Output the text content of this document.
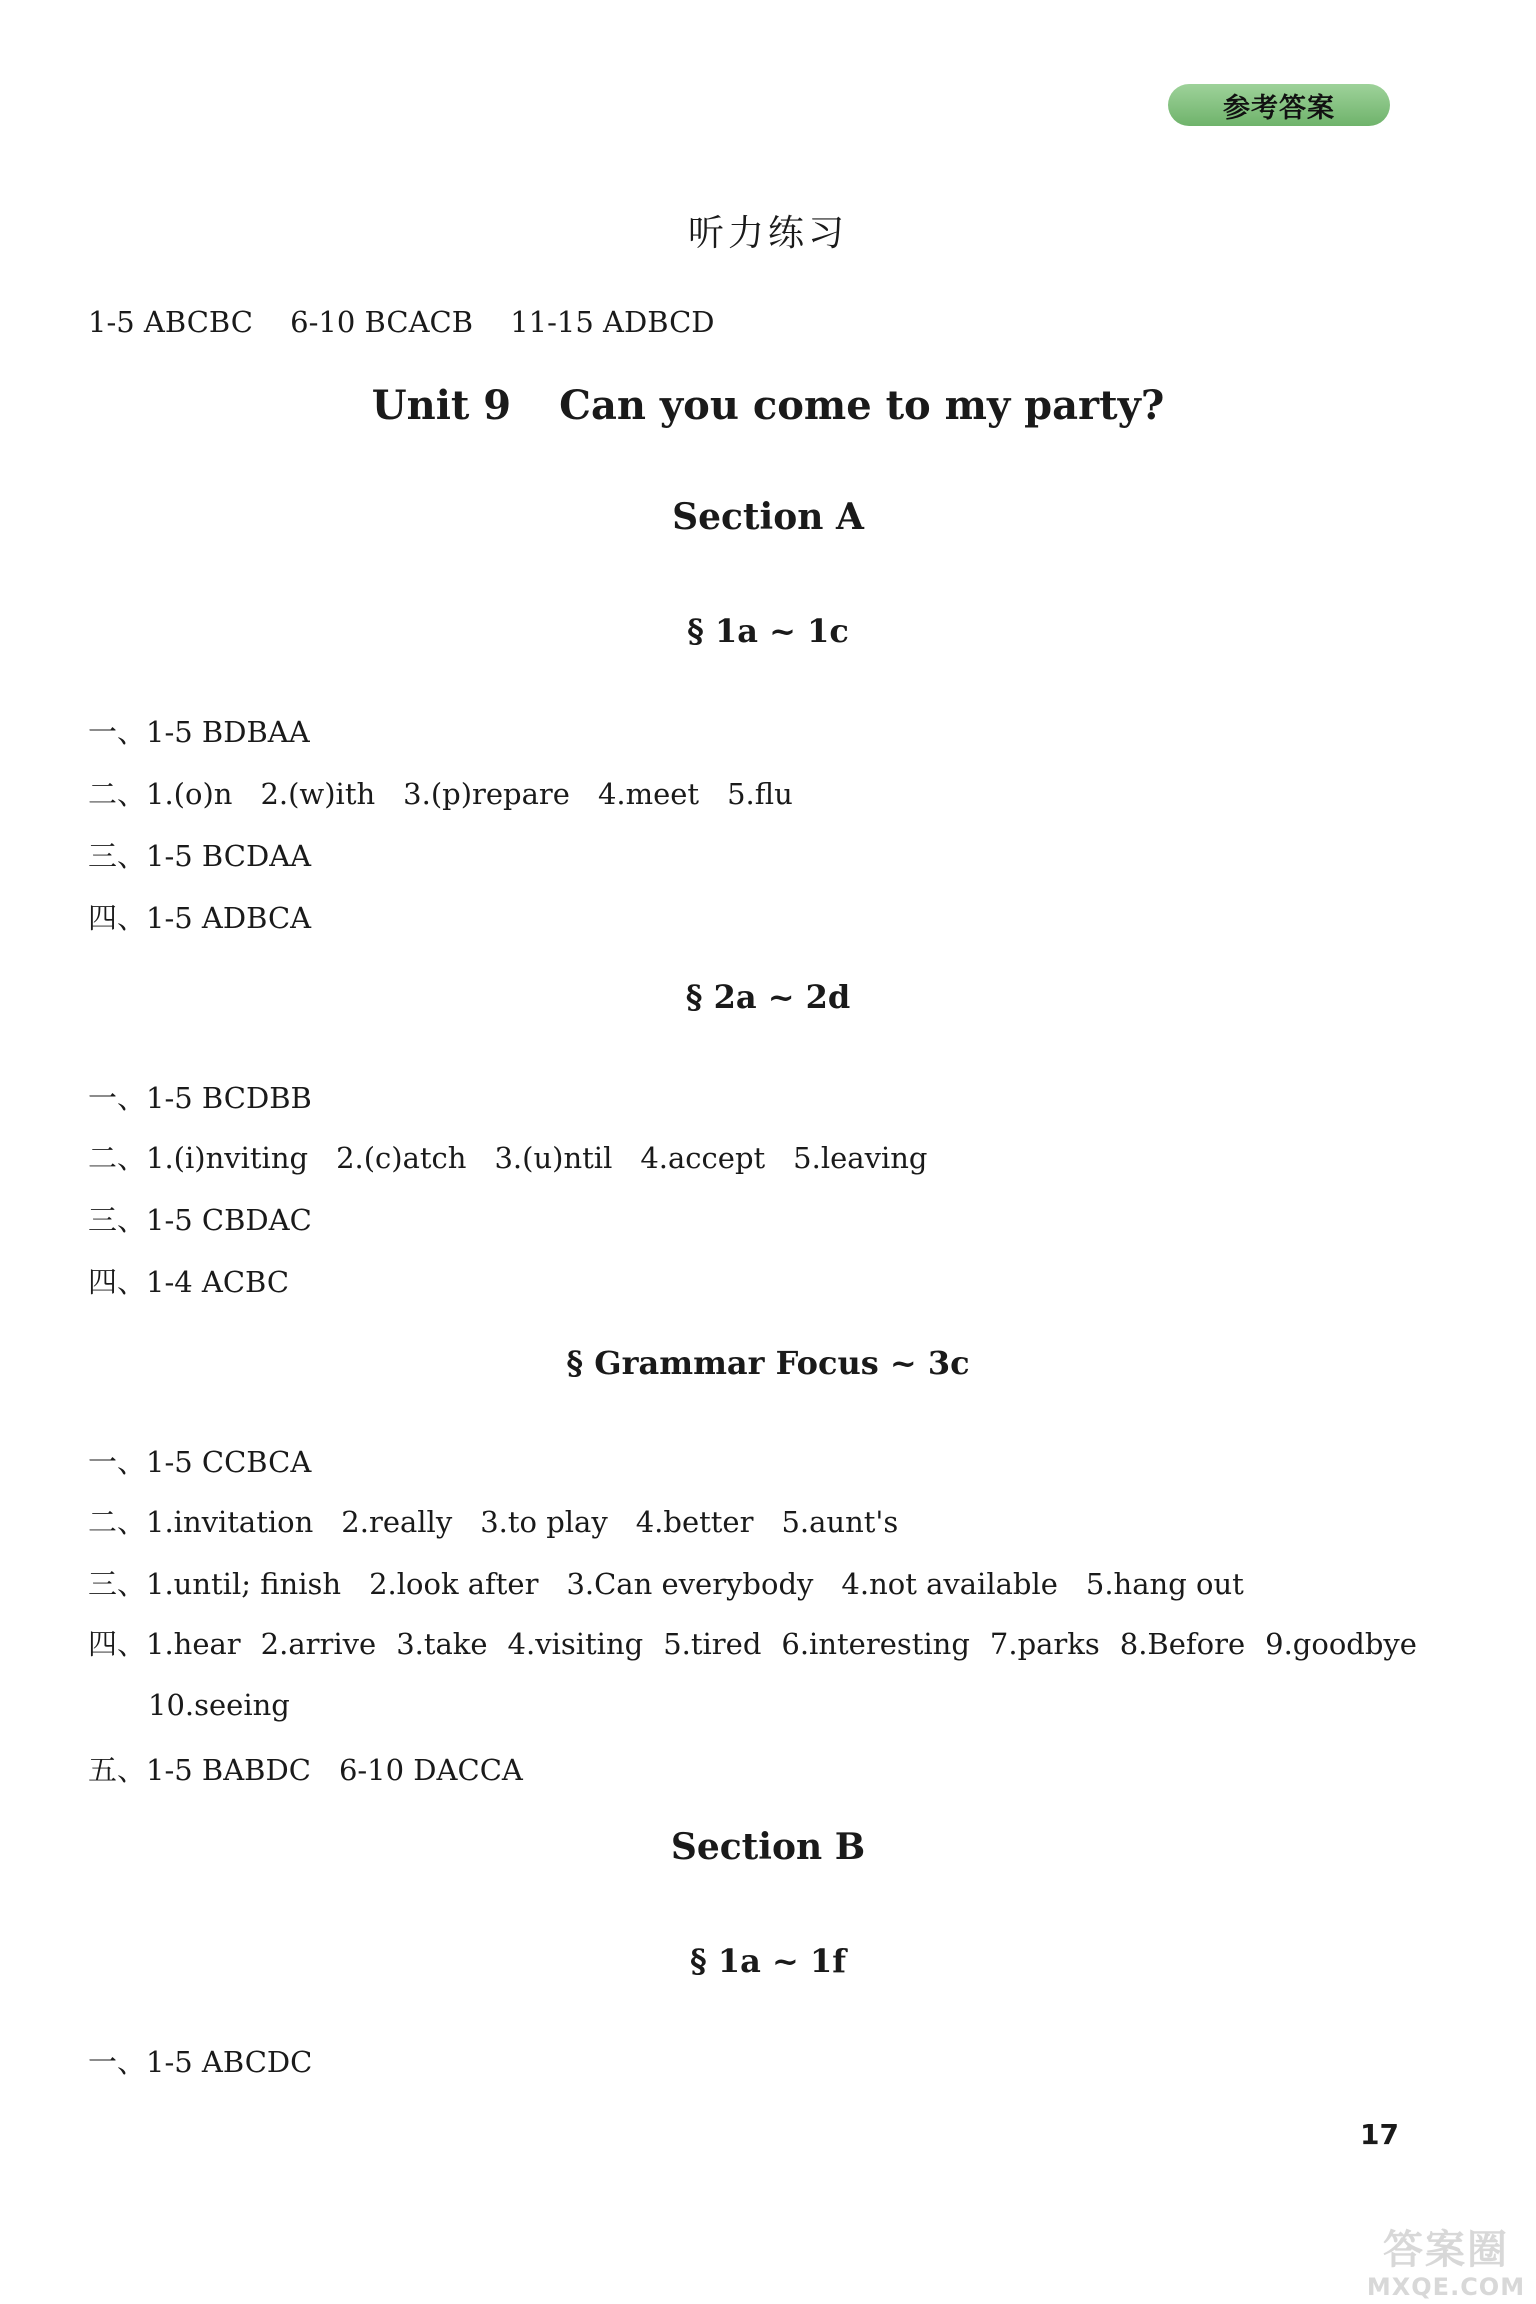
参考答案
听力练习
1-5 ABCBC 6-10 BCACB 11-15 ADBCD
Unit 9 Can you come to my party?
Section A
§ 1a ~ 1c
一、1-5 BDBAA
二、1.(o)n 2.(w)ith 3.(p)repare 4.meet 5.flu
三、1-5 BCDAA
四、1-5 ADBCA
§ 2a ~ 2d
一、1-5 BCDBB
二、1.(i)nviting 2.(c)atch 3.(u)ntil 4.accept 5.leaving
三、1-5 CBDAC
四、1-4 ACBC
§ Grammar Focus ~ 3c
一、1-5 CCBCA
二、1.invitation 2.really 3.to play 4.better 5.aunt's
三、1.until; finish 2.look after 3.Can everybody 4.not available 5.hang out
四、1.hear 2.arrive 3.take 4.visiting 5.tired 6.interesting 7.parks 8.Before 9.goodbye
10.seeing
五、1-5 BABDC 6-10 DACCA
Section B
§ 1a ~ 1f
一、1-5 ABCDC
17
答案圈
MXQE.COM
